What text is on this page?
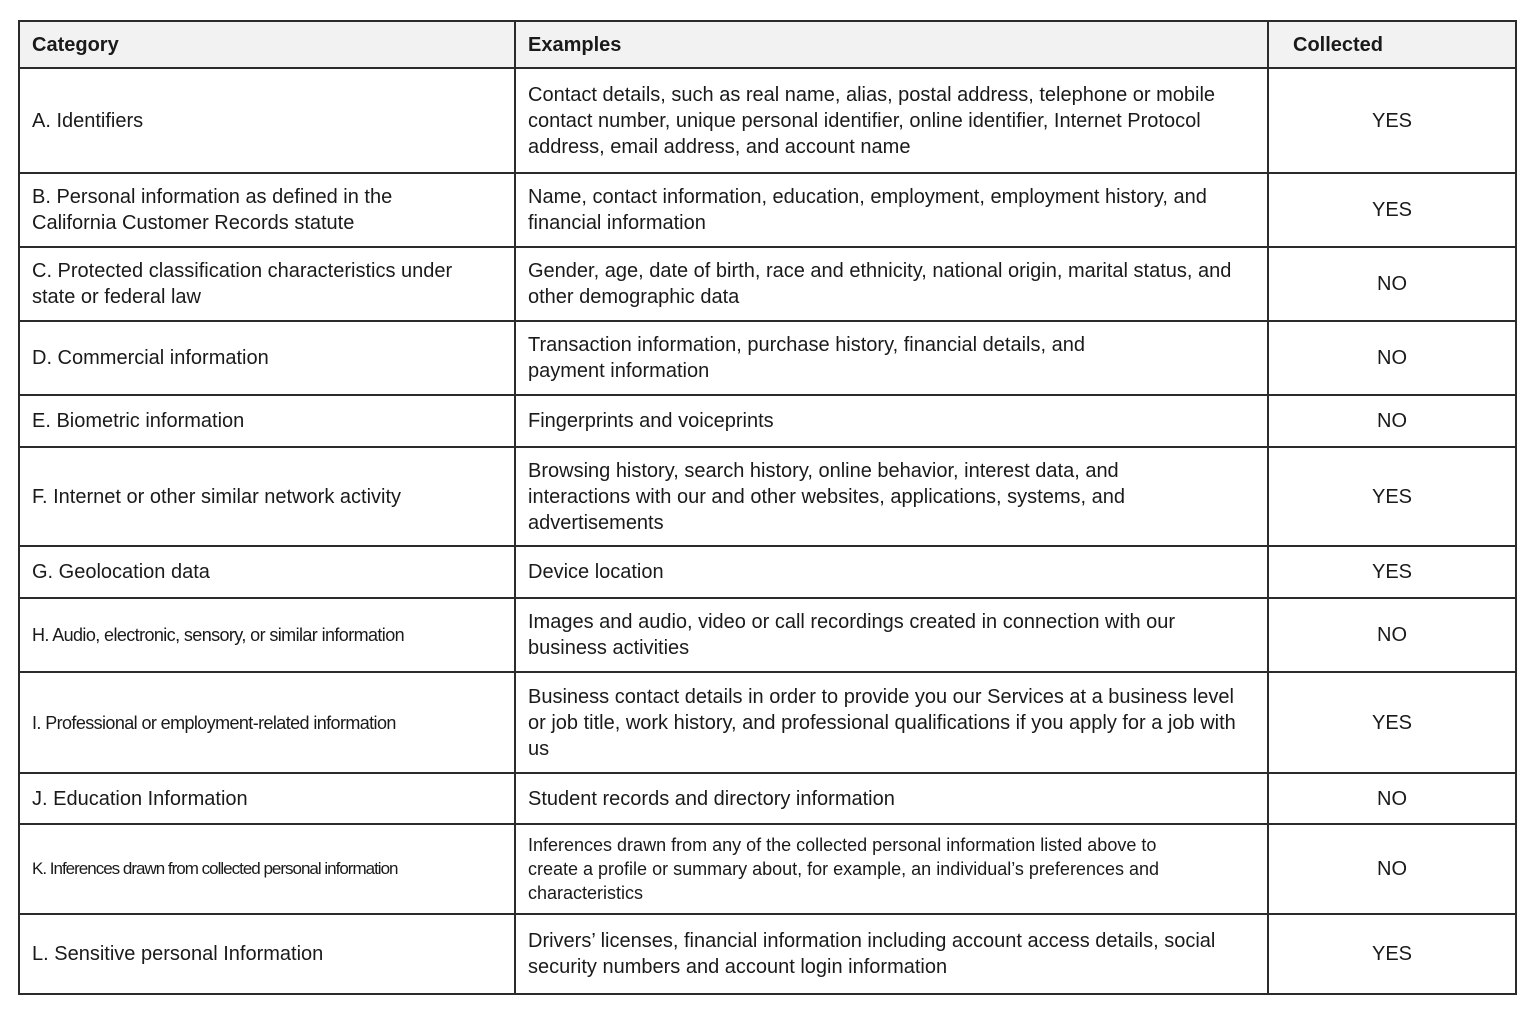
Category	Examples	Collected
A. Identifiers	Contact details, such as real name, alias, postal address, telephone or mobile contact number, unique personal identifier, online identifier, Internet Protocol address, email address, and account name	YES
B. Personal information as defined in the California Customer Records statute	Name, contact information, education, employment, employment history, and financial information	YES
C. Protected classification characteristics under state or federal law	Gender, age, date of birth, race and ethnicity, national origin, marital status, and other demographic data	NO
D. Commercial information	Transaction information, purchase history, financial details, and payment information	NO
E. Biometric information	Fingerprints and voiceprints	NO
F. Internet or other similar network activity	Browsing history, search history, online behavior, interest data, and interactions with our and other websites, applications, systems, and advertisements	YES
G. Geolocation data	Device location	YES
H. Audio, electronic, sensory, or similar information	Images and audio, video or call recordings created in connection with our business activities	NO
I. Professional or employment-related information	Business contact details in order to provide you our Services at a business level or job title, work history, and professional qualifications if you apply for a job with us	YES
J. Education Information	Student records and directory information	NO
K. Inferences drawn from collected personal information	Inferences drawn from any of the collected personal information listed above to create a profile or summary about, for example, an individual’s preferences and characteristics	NO
L. Sensitive personal Information	Drivers’ licenses, financial information including account access details, social security numbers and account login information	YES
